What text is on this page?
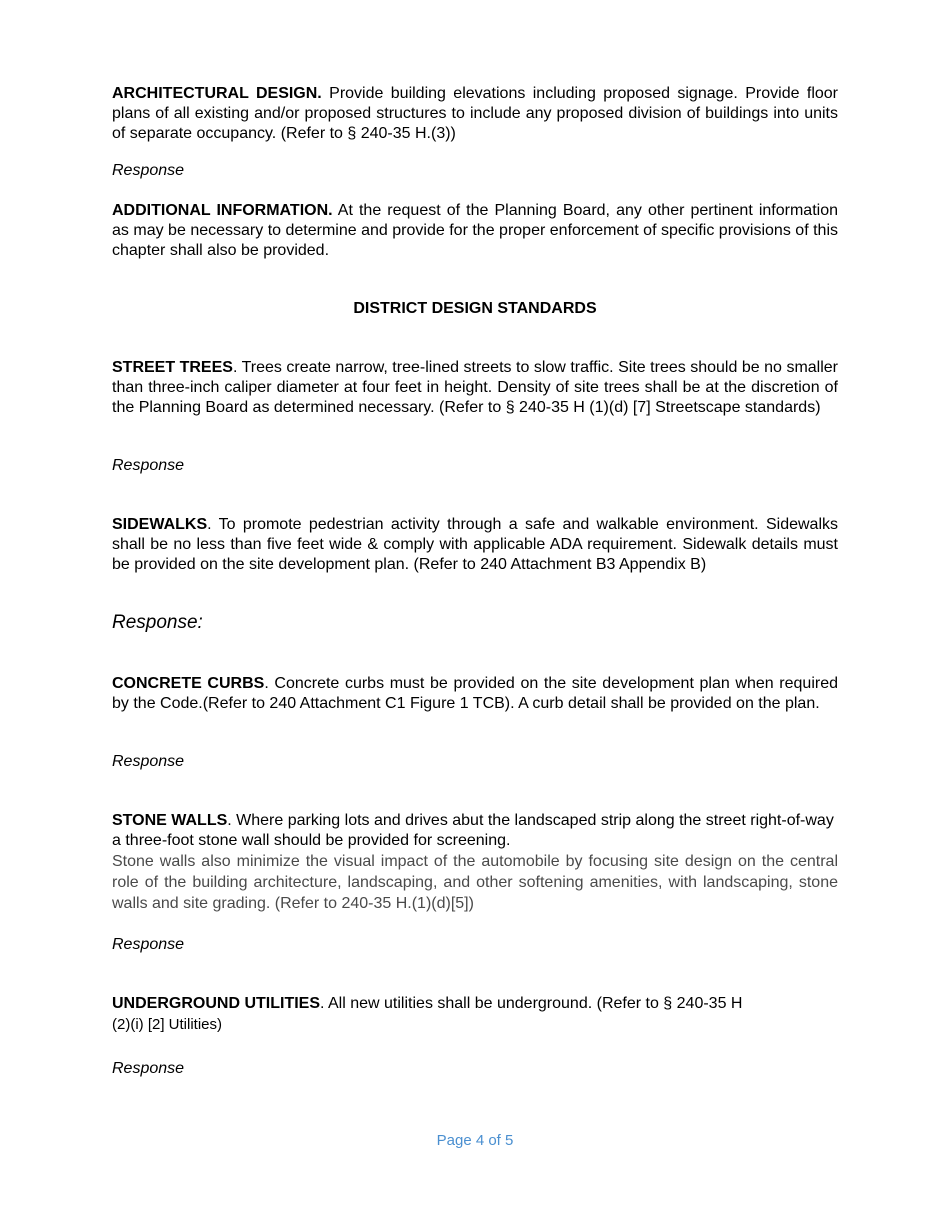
ARCHITECTURAL DESIGN. Provide building elevations including proposed signage. Provide floor plans of all existing and/or proposed structures to include any proposed division of buildings into units of separate occupancy. (Refer to § 240-35 H.(3))
Response
ADDITIONAL INFORMATION. At the request of the Planning Board, any other pertinent information as may be necessary to determine and provide for the proper enforcement of specific provisions of this chapter shall also be provided.
DISTRICT DESIGN STANDARDS
STREET TREES. Trees create narrow, tree-lined streets to slow traffic. Site trees should be no smaller than three-inch caliper diameter at four feet in height. Density of site trees shall be at the discretion of the Planning Board as determined necessary. (Refer to § 240-35 H (1)(d) [7] Streetscape standards)
Response
SIDEWALKS. To promote pedestrian activity through a safe and walkable environment. Sidewalks shall be no less than five feet wide & comply with applicable ADA requirement. Sidewalk details must be provided on the site development plan. (Refer to 240 Attachment B3 Appendix B)
Response:
CONCRETE CURBS. Concrete curbs must be provided on the site development plan when required by the Code.(Refer to 240 Attachment C1 Figure 1 TCB). A curb detail shall be provided on the plan.
Response
STONE WALLS. Where parking lots and drives abut the landscaped strip along the street right-of-way a three-foot stone wall should be provided for screening.
Stone walls also minimize the visual impact of the automobile by focusing site design on the central role of the building architecture, landscaping, and other softening amenities, with landscaping, stone walls and site grading. (Refer to 240-35 H.(1)(d)[5])
Response
UNDERGROUND UTILITIES. All new utilities shall be underground. (Refer to § 240-35 H
(2)(i) [2] Utilities)
Response
Page 4 of 5
